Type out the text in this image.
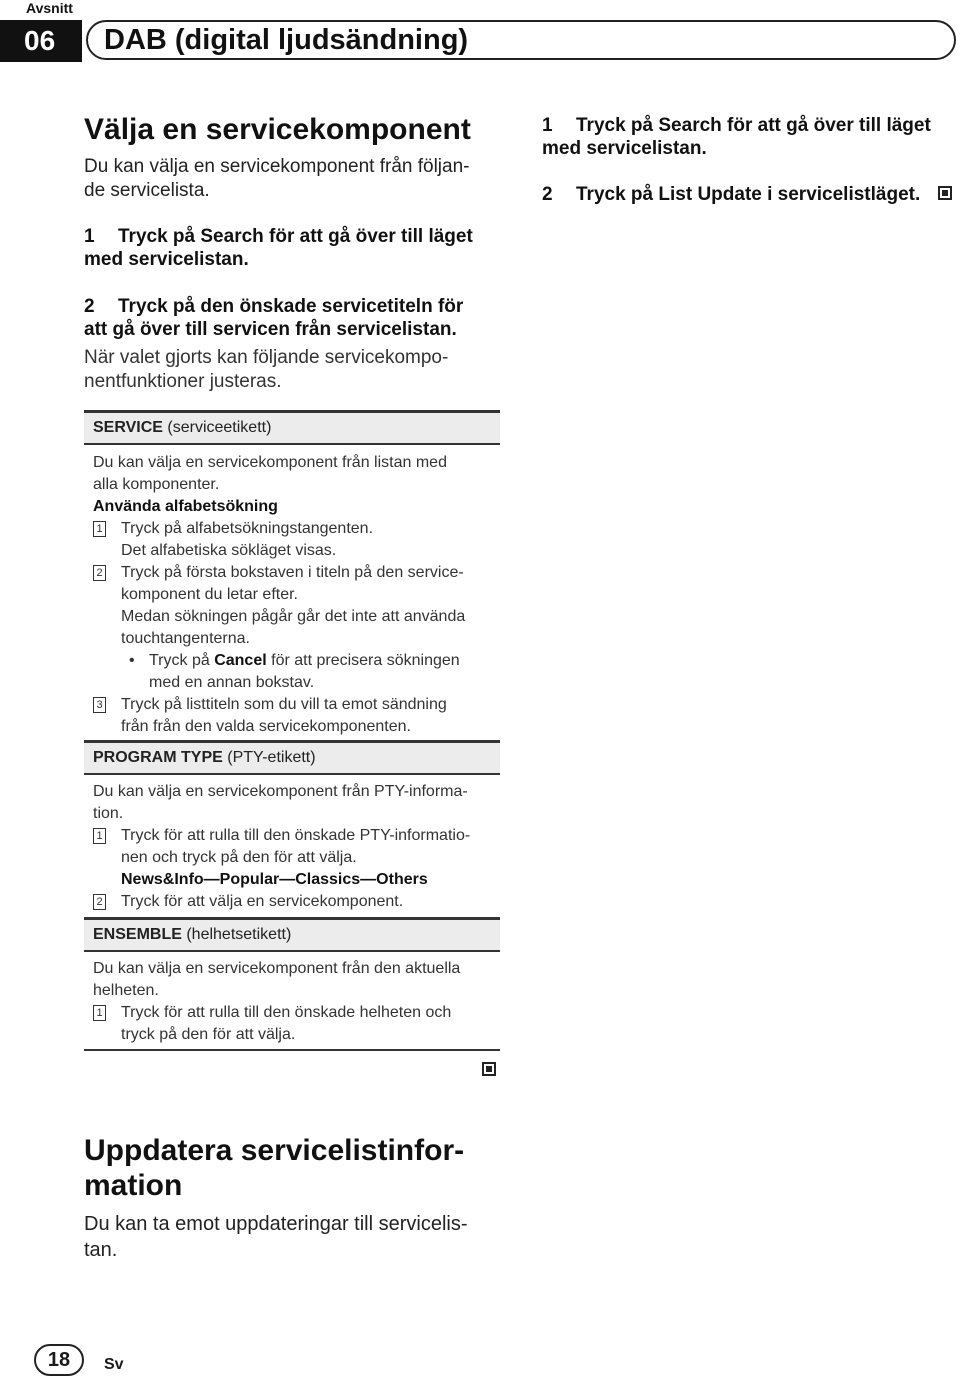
Avsnitt
06	DAB (digital ljudsändning)
Välja en servicekomponent
Du kan välja en servicekomponent från följan-
de servicelista.
1 Tryck på Search för att gå över till läget
med servicelistan.
2 Tryck på den önskade servicetiteln för
att gå över till servicen från servicelistan.
När valet gjorts kan följande servicekompo-
nentfunktioner justeras.
SERVICE (serviceetikett)
Du kan välja en servicekomponent från listan med
alla komponenter.
Använda alfabetsökning
1 Tryck på alfabetsökningstangenten.
Det alfabetiska sökläget visas.
2 Tryck på första bokstaven i titeln på den service-
komponent du letar efter.
Medan sökningen pågår går det inte att använda
touchtangenterna.
• Tryck på Cancel för att precisera sökningen
med en annan bokstav.
3 Tryck på listtiteln som du vill ta emot sändning
från från den valda servicekomponenten.
PROGRAM TYPE (PTY-etikett)
Du kan välja en servicekomponent från PTY-informa-
tion.
1 Tryck för att rulla till den önskade PTY-informatio-
nen och tryck på den för att välja.
News&Info—Popular—Classics—Others
2 Tryck för att välja en servicekomponent.
ENSEMBLE (helhetsetikett)
Du kan välja en servicekomponent från den aktuella
helheten.
1 Tryck för att rulla till den önskade helheten och
tryck på den för att välja.
Uppdatera servicelistinfor-
mation
Du kan ta emot uppdateringar till servicelis-
tan.
1 Tryck på Search för att gå över till läget
med servicelistan.
2 Tryck på List Update i servicelistläget.
18	Sv
